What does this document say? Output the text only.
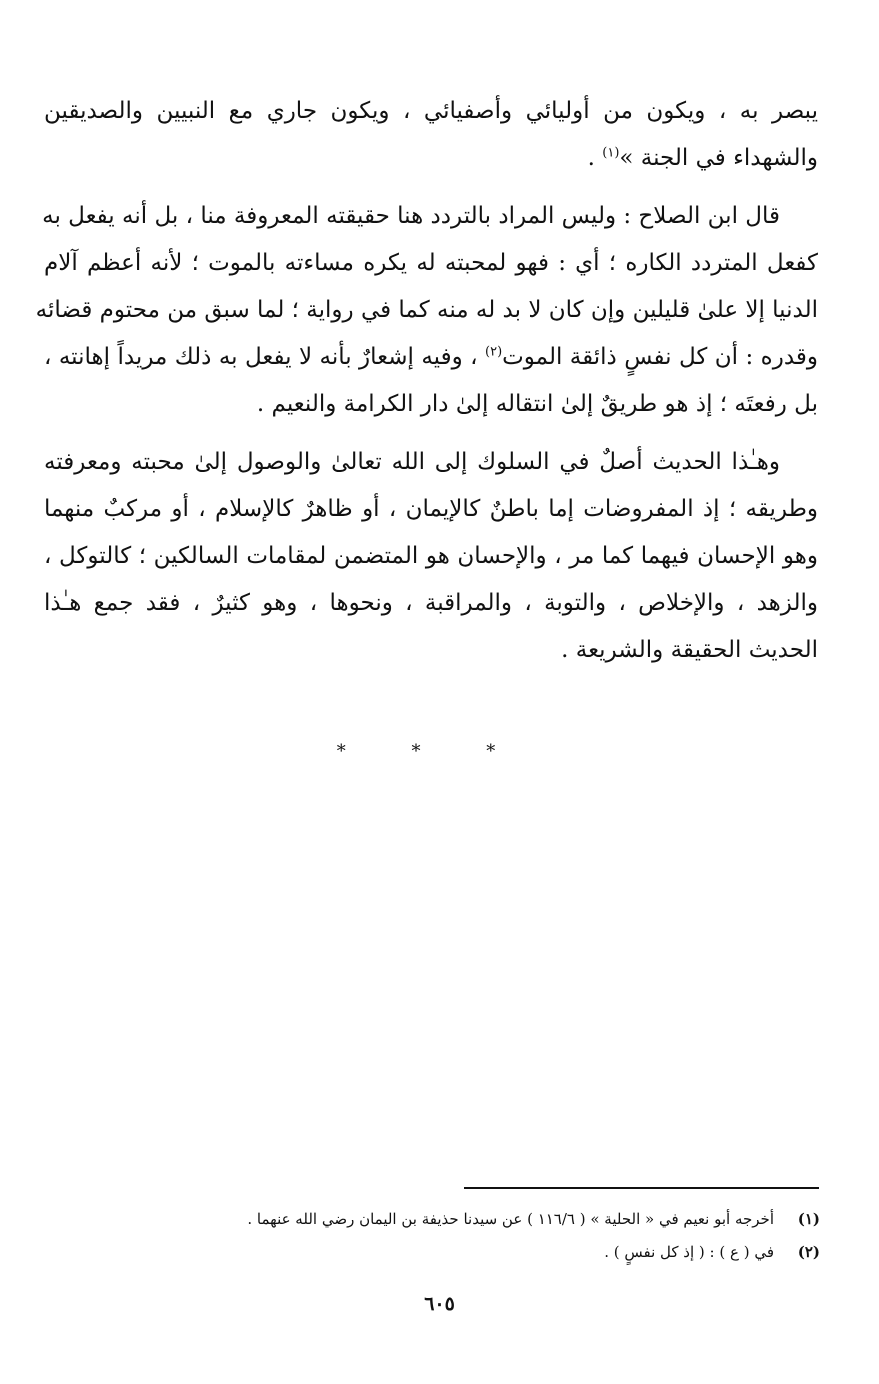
يبصر به ، ويكون من أوليائي وأصفيائي ، ويكون جاري مع النبيين والصديقين
والشهداء في الجنة »$^{(١)}$ .
قال ابن الصلاح : وليس المراد بالتردد هنا حقيقته المعروفة منا ، بل أنه يفعل به
كفعل المتردد الكاره ؛ أي : فهو لمحبته له يكره مساءته بالموت ؛ لأنه أعظم آلام
الدنيا إلا علىٰ قليلين وإن كان لا بد له منه كما في رواية ؛ لما سبق من محتوم قضائه
وقدره : أن كل نفسٍ ذائقة الموت$^{(٢)}$ ، وفيه إشعارٌ بأنه لا يفعل به ذلك مريداً إهانته ،
بل رفعتَه ؛ إذ هو طريقٌ إلىٰ انتقاله إلىٰ دار الكرامة والنعيم .
وهـٰذا الحديث أصلٌ في السلوك إلى الله تعالىٰ والوصول إلىٰ محبته ومعرفته
وطريقه ؛ إذ المفروضات إما باطنٌ كالإيمان ، أو ظاهرٌ كالإسلام ، أو مركبٌ منهما
وهو الإحسان فيهما كما مر ، والإحسان هو المتضمن لمقامات السالكين ؛ كالتوكل ،
والزهد ، والإخلاص ، والتوبة ، والمراقبة ، ونحوها ، وهو كثيرٌ ، فقد جمع هـٰذا
الحديث الحقيقة والشريعة .
* * *
(١)
أخرجه أبو نعيم في « الحلية » ( ١١٦/٦ ) عن سيدنا حذيفة بن اليمان رضي الله عنهما .
(٢)
في ( ع ) : ( إذ كل نفسٍ ) .
٦٠٥
